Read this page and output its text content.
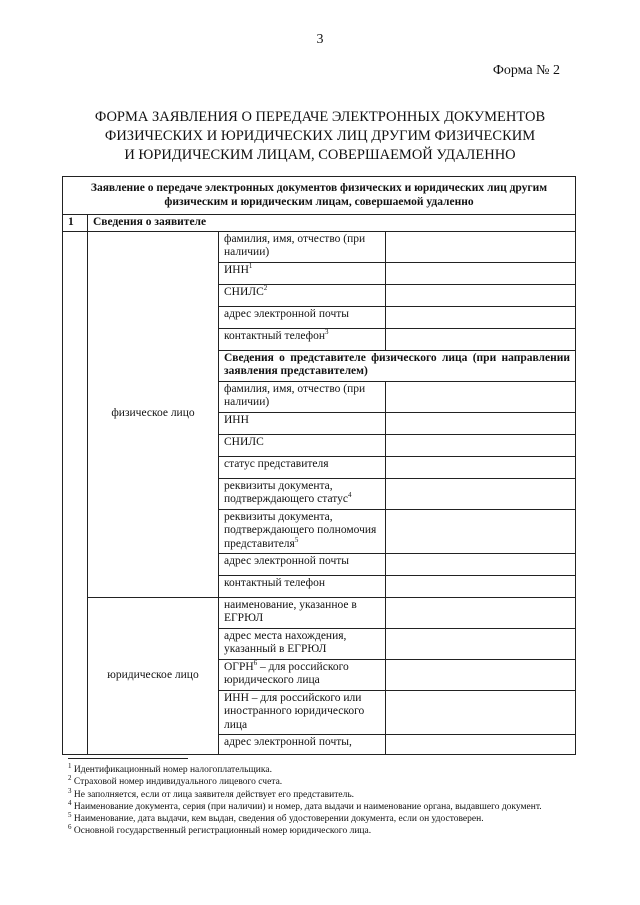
3
Форма № 2
ФОРМА ЗАЯВЛЕНИЯ О ПЕРЕДАЧЕ ЭЛЕКТРОННЫХ ДОКУМЕНТОВ
ФИЗИЧЕСКИХ И ЮРИДИЧЕСКИХ ЛИЦ ДРУГИМ ФИЗИЧЕСКИМ
И ЮРИДИЧЕСКИМ ЛИЦАМ, СОВЕРШАЕМОЙ УДАЛЕННО
Заявление о передаче электронных документов физических и юридических лиц другим физическим и юридическим лицам, совершаемой удаленно			
1	Сведения о заявителе		
	физическое лицо	фамилия, имя, отчество (при наличии)	
		ИНН$^1$	
		СНИЛС$^2$	
		адрес электронной почты	
		контактный телефон$^3$	
		Сведения о представителе физического лица (при направлении заявления представителем)	
		фамилия, имя, отчество (при наличии)	
		ИНН	
		СНИЛС	
		статус представителя	
		реквизиты документа, подтверждающего статус$^4$	
		реквизиты документа, подтверждающего полномочия представителя$^5$	
		адрес электронной почты	
		контактный телефон	
	юридическое лицо	наименование, указанное в ЕГРЮЛ	
		адрес места нахождения, указанный в ЕГРЮЛ	
		ОГРН$^6$ – для российского юридического лица	
		ИНН – для российского или иностранного юридического лица	
		адрес электронной почты,	
$^1$ Идентификационный номер налогоплательщика.
$^2$ Страховой номер индивидуального лицевого счета.
$^3$ Не заполняется, если от лица заявителя действует его представитель.
$^4$ Наименование документа, серия (при наличии) и номер, дата выдачи и наименование органа, выдавшего документ.
$^5$ Наименование, дата выдачи, кем выдан, сведения об удостоверении документа, если он удостоверен.
$^6$ Основной государственный регистрационный номер юридического лица.
